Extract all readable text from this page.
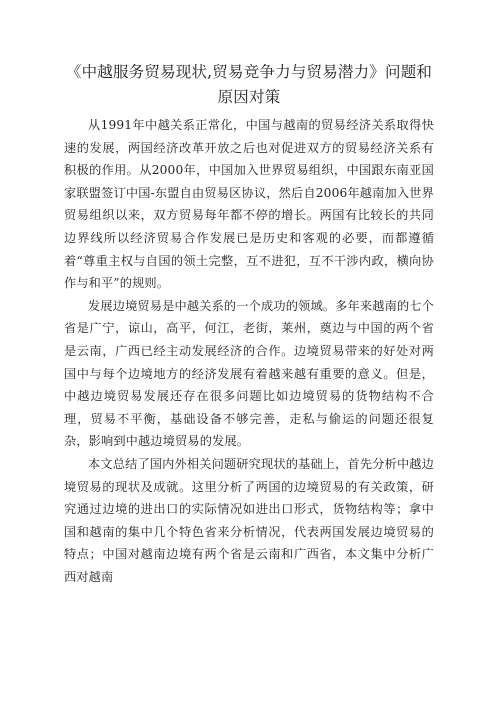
《中越服务贸易现状,贸易竞争力与贸易潜力》问题和
原因对策

从1991年中越关系正常化，中国与越南的贸易经济关系取得快速的发展，两国经济改革开放之后也对促进双方的贸易经济关系有积极的作用。从2000年，中国加入世界贸易组织，中国跟东南亚国家联盟签订中国-东盟自由贸易区协议，然后自2006年越南加入世界贸易组织以来，双方贸易每年都不停的增长。两国有比较长的共同边界线所以经济贸易合作发展已是历史和客观的必要，而都遵循着“尊重主权与自国的领土完整，互不进犯，互不干涉内政，横向协作与和平”的规则。

发展边境贸易是中越关系的一个成功的领域。多年来越南的七个省是广宁，谅山，高平，何江，老街，莱州，奠边与中国的两个省是云南，广西已经主动发展经济的合作。边境贸易带来的好处对两国中与每个边境地方的经济发展有着越来越有重要的意义。但是，中越边境贸易发展还存在很多问题比如边境贸易的货物结构不合理，贸易不平衡，基础设备不够完善，走私与偷运的问题还很复杂，影响到中越边境贸易的发展。

本文总结了国内外相关问题研究现状的基础上，首先分析中越边境贸易的现状及成就。这里分析了两国的边境贸易的有关政策，研究通过边境的进出口的实际情况如进出口形式，货物结构等；拿中国和越南的集中几个特色省来分析情况，代表两国发展边境贸易的特点；中国对越南边境有两个省是云南和广西省，本文集中分析广西对越南
